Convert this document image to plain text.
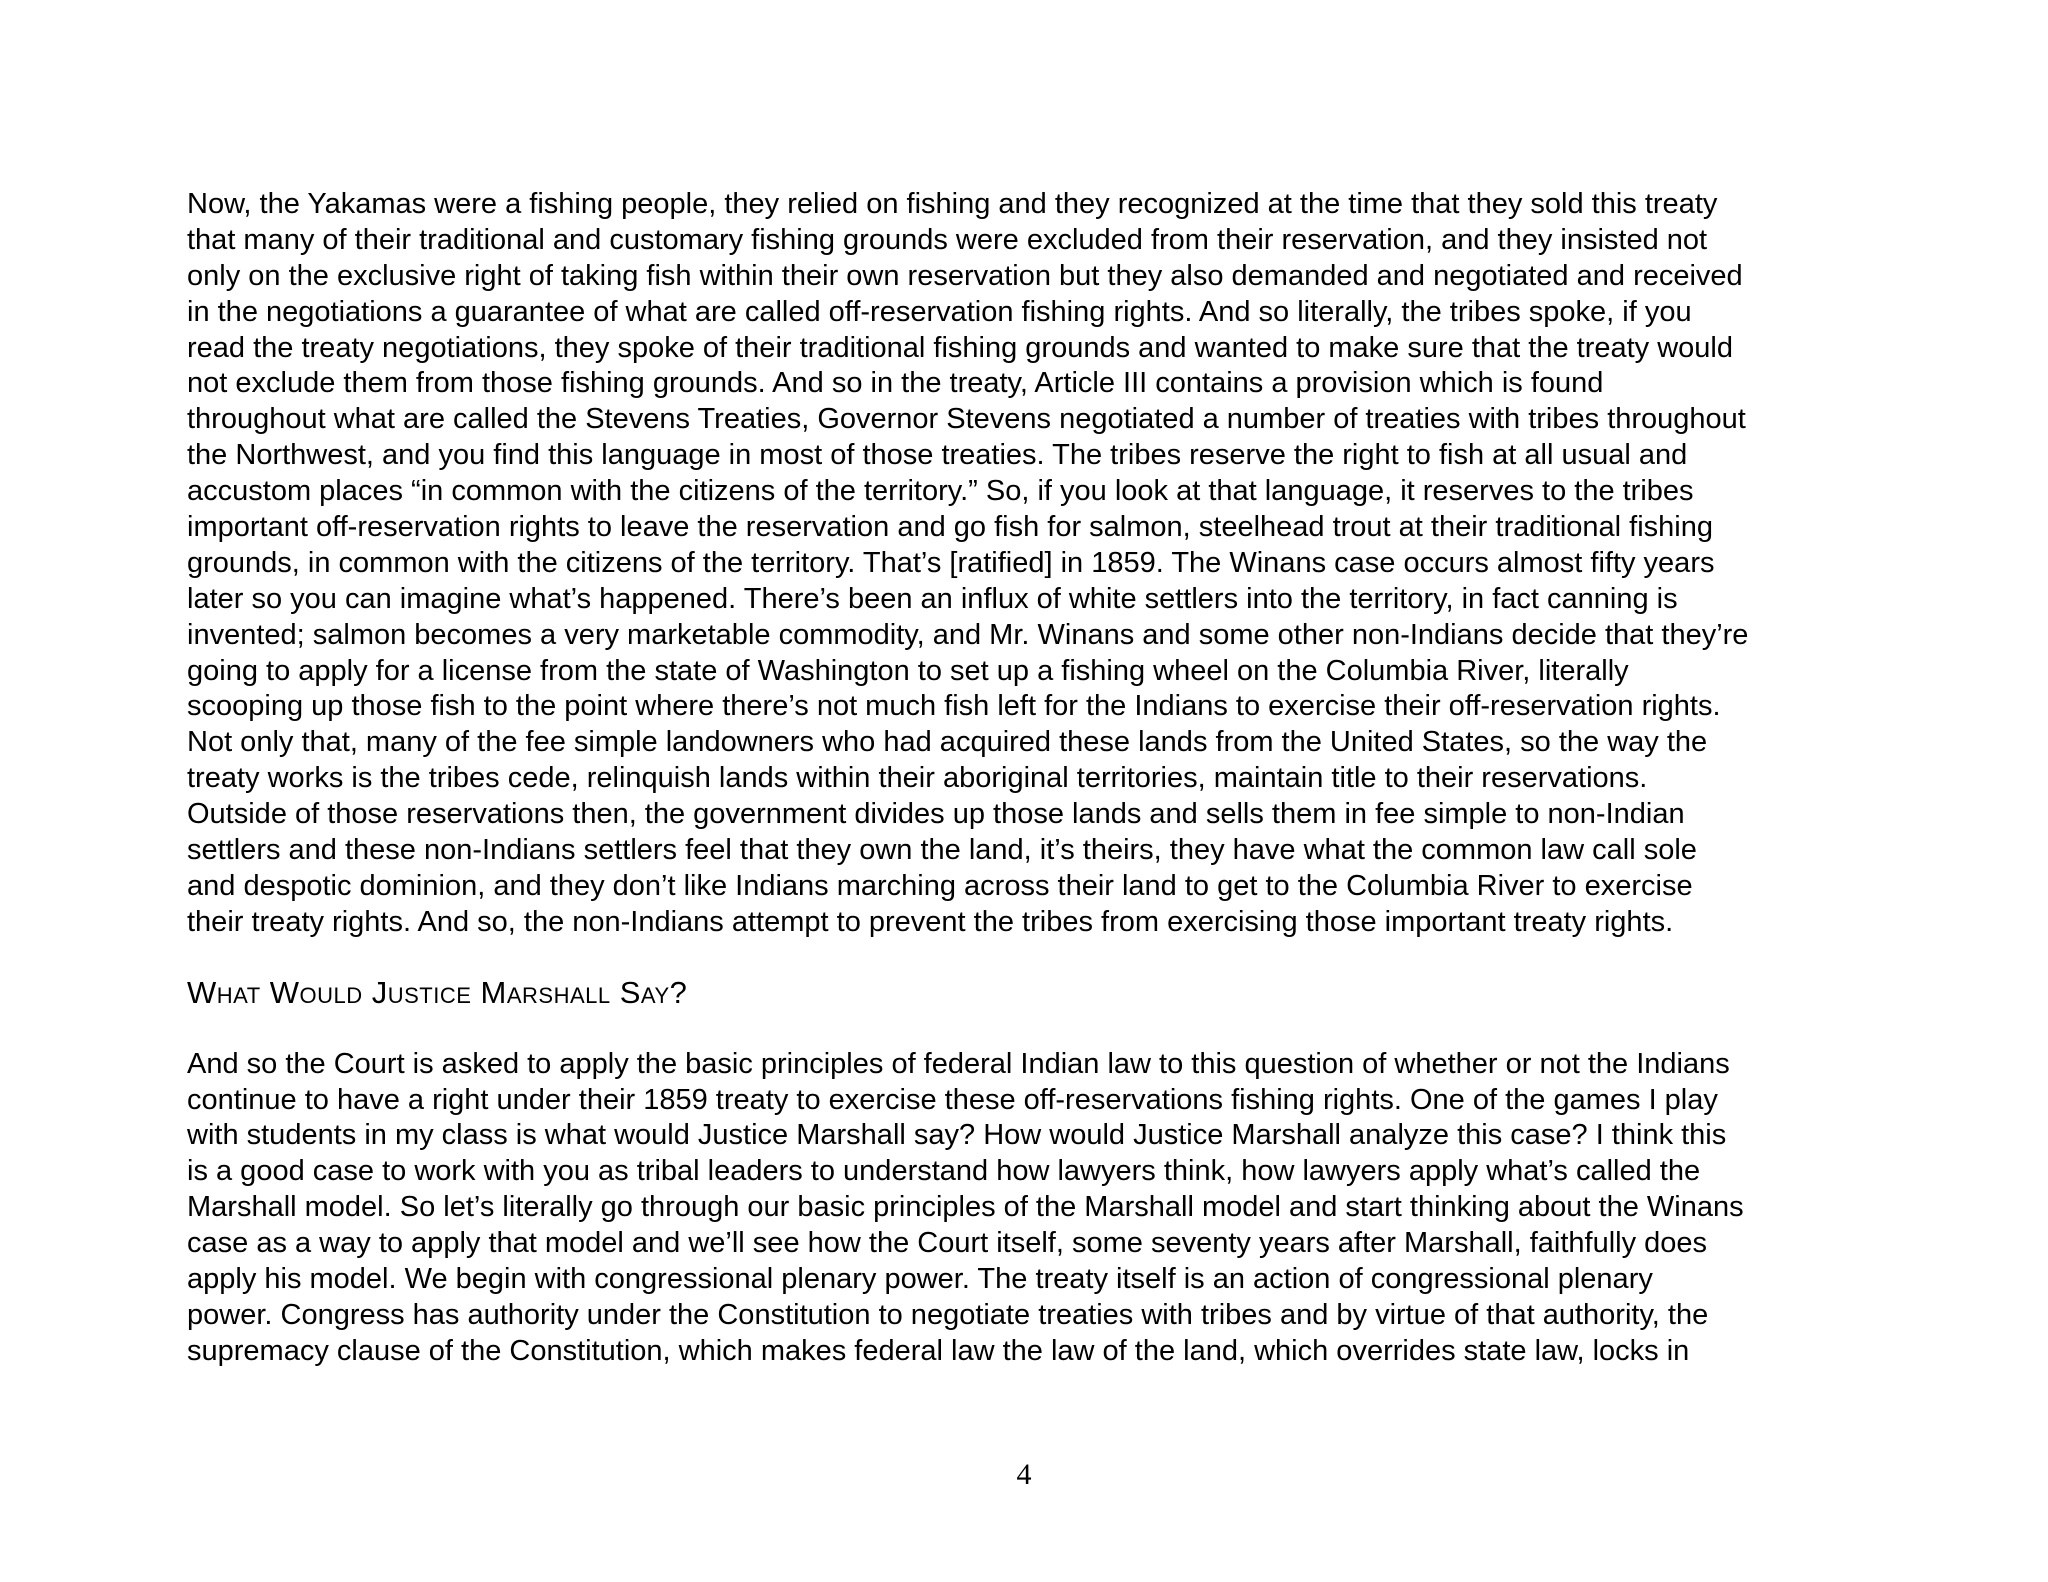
Now, the Yakamas were a fishing people, they relied on fishing and they recognized at the time that they sold this treaty
that many of their traditional and customary fishing grounds were excluded from their reservation, and they insisted not
only on the exclusive right of taking fish within their own reservation but they also demanded and negotiated and received
in the negotiations a guarantee of what are called off-reservation fishing rights. And so literally, the tribes spoke, if you
read the treaty negotiations, they spoke of their traditional fishing grounds and wanted to make sure that the treaty would
not exclude them from those fishing grounds. And so in the treaty, Article III contains a provision which is found
throughout what are called the Stevens Treaties, Governor Stevens negotiated a number of treaties with tribes throughout
the Northwest, and you find this language in most of those treaties. The tribes reserve the right to fish at all usual and
accustom places “in common with the citizens of the territory.” So, if you look at that language, it reserves to the tribes
important off-reservation rights to leave the reservation and go fish for salmon, steelhead trout at their traditional fishing
grounds, in common with the citizens of the territory. That’s [ratified] in 1859. The Winans case occurs almost fifty years
later so you can imagine what’s happened. There’s been an influx of white settlers into the territory, in fact canning is
invented; salmon becomes a very marketable commodity, and Mr. Winans and some other non-Indians decide that they’re
going to apply for a license from the state of Washington to set up a fishing wheel on the Columbia River, literally
scooping up those fish to the point where there’s not much fish left for the Indians to exercise their off-reservation rights.
Not only that, many of the fee simple landowners who had acquired these lands from the United States, so the way the
treaty works is the tribes cede, relinquish lands within their aboriginal territories, maintain title to their reservations.
Outside of those reservations then, the government divides up those lands and sells them in fee simple to non-Indian
settlers and these non-Indians settlers feel that they own the land, it’s theirs, they have what the common law call sole
and despotic dominion, and they don’t like Indians marching across their land to get to the Columbia River to exercise
their treaty rights. And so, the non-Indians attempt to prevent the tribes from exercising those important treaty rights.
What Would Justice Marshall Say?
And so the Court is asked to apply the basic principles of federal Indian law to this question of whether or not the Indians
continue to have a right under their 1859 treaty to exercise these off-reservations fishing rights. One of the games I play
with students in my class is what would Justice Marshall say? How would Justice Marshall analyze this case? I think this
is a good case to work with you as tribal leaders to understand how lawyers think, how lawyers apply what’s called the
Marshall model. So let’s literally go through our basic principles of the Marshall model and start thinking about the Winans
case as a way to apply that model and we’ll see how the Court itself, some seventy years after Marshall, faithfully does
apply his model. We begin with congressional plenary power. The treaty itself is an action of congressional plenary
power. Congress has authority under the Constitution to negotiate treaties with tribes and by virtue of that authority, the
supremacy clause of the Constitution, which makes federal law the law of the land, which overrides state law, locks in
4
